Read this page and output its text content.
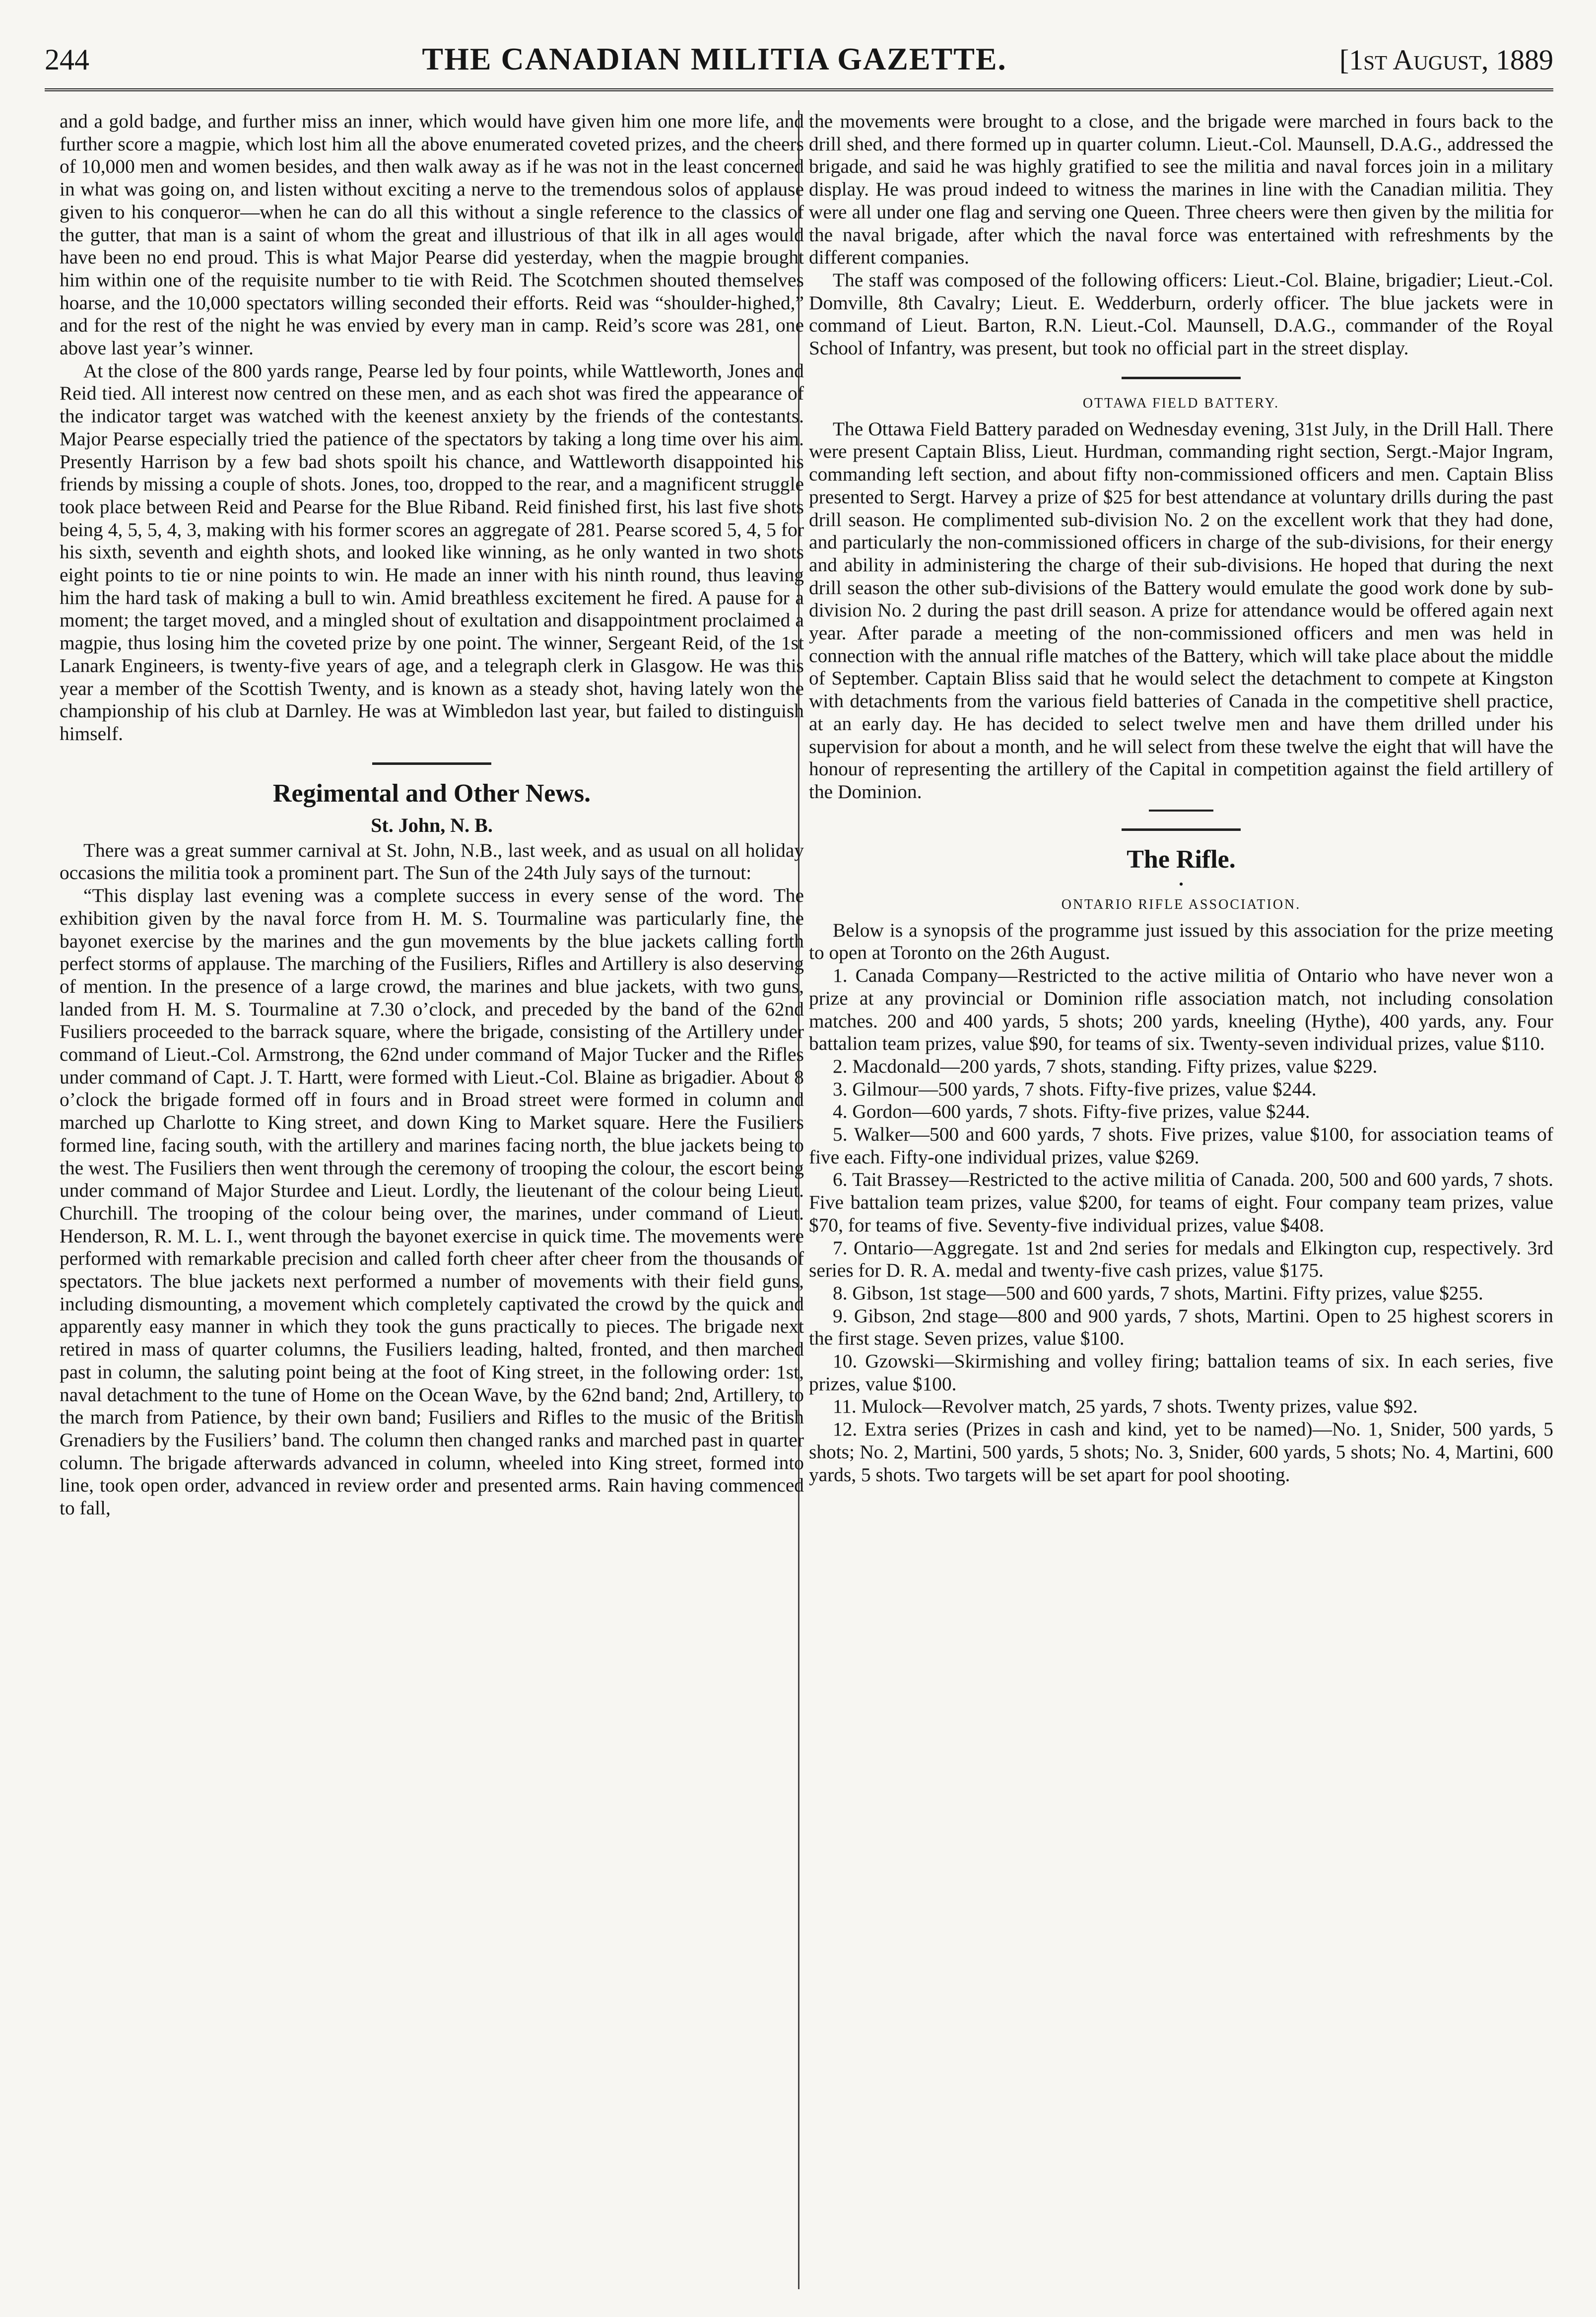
244	THE CANADIAN MILITIA GAZETTE.	[1st August, 1889

and a gold badge, and further miss an inner, which would have given him one more life, and further score a magpie, which lost him all the above enumerated coveted prizes, and the cheers of 10,000 men and women besides, and then walk away as if he was not in the least concerned in what was going on, and listen without exciting a nerve to the tremendous solos of applause given to his conqueror—when he can do all this without a single reference to the classics of the gutter, that man is a saint of whom the great and illustrious of that ilk in all ages would have been no end proud. This is what Major Pearse did yesterday, when the magpie brought him within one of the requisite number to tie with Reid. The Scotchmen shouted themselves hoarse, and the 10,000 spectators willing seconded their efforts. Reid was “shoulder-highed,” and for the rest of the night he was envied by every man in camp. Reid’s score was 281, one above last year’s winner.

At the close of the 800 yards range, Pearse led by four points, while Wattleworth, Jones and Reid tied. All interest now centred on these men, and as each shot was fired the appearance of the indicator target was watched with the keenest anxiety by the friends of the contestants. Major Pearse especially tried the patience of the spectators by taking a long time over his aim. Presently Harrison by a few bad shots spoilt his chance, and Wattleworth disappointed his friends by missing a couple of shots. Jones, too, dropped to the rear, and a magnificent struggle took place between Reid and Pearse for the Blue Riband. Reid finished first, his last five shots being 4, 5, 5, 4, 3, making with his former scores an aggregate of 281. Pearse scored 5, 4, 5 for his sixth, seventh and eighth shots, and looked like winning, as he only wanted in two shots eight points to tie or nine points to win. He made an inner with his ninth round, thus leaving him the hard task of making a bull to win. Amid breathless excitement he fired. A pause for a moment; the target moved, and a mingled shout of exultation and disappointment proclaimed a magpie, thus losing him the coveted prize by one point. The winner, Sergeant Reid, of the 1st Lanark Engineers, is twenty-five years of age, and a telegraph clerk in Glasgow. He was this year a member of the Scottish Twenty, and is known as a steady shot, having lately won the championship of his club at Darnley. He was at Wimbledon last year, but failed to distinguish himself.

Regimental and Other News.
St. John, N. B.

There was a great summer carnival at St. John, N.B., last week, and as usual on all holiday occasions the militia took a prominent part. The Sun of the 24th July says of the turnout:

“This display last evening was a complete success in every sense of the word. The exhibition given by the naval force from H. M. S. Tourmaline was particularly fine, the bayonet exercise by the marines and the gun movements by the blue jackets calling forth perfect storms of applause. The marching of the Fusiliers, Rifles and Artillery is also deserving of mention. In the presence of a large crowd, the marines and blue jackets, with two guns, landed from H. M. S. Tourmaline at 7.30 o’clock, and preceded by the band of the 62nd Fusiliers proceeded to the barrack square, where the brigade, consisting of the Artillery under command of Lieut.-Col. Armstrong, the 62nd under command of Major Tucker and the Rifles under command of Capt. J. T. Hartt, were formed with Lieut.-Col. Blaine as brigadier. About 8 o’clock the brigade formed off in fours and in Broad street were formed in column and marched up Charlotte to King street, and down King to Market square. Here the Fusiliers formed line, facing south, with the artillery and marines facing north, the blue jackets being to the west. The Fusiliers then went through the ceremony of trooping the colour, the escort being under command of Major Sturdee and Lieut. Lordly, the lieutenant of the colour being Lieut. Churchill. The trooping of the colour being over, the marines, under command of Lieut. Henderson, R. M. L. I., went through the bayonet exercise in quick time. The movements were performed with remarkable precision and called forth cheer after cheer from the thousands of spectators. The blue jackets next performed a number of movements with their field guns, including dismounting, a movement which completely captivated the crowd by the quick and apparently easy manner in which they took the guns practically to pieces. The brigade next retired in mass of quarter columns, the Fusiliers leading, halted, fronted, and then marched past in column, the saluting point being at the foot of King street, in the following order: 1st, naval detachment to the tune of Home on the Ocean Wave, by the 62nd band; 2nd, Artillery, to the march from Patience, by their own band; Fusiliers and Rifles to the music of the British Grenadiers by the Fusiliers’ band. The column then changed ranks and marched past in quarter column. The brigade afterwards advanced in column, wheeled into King street, formed into line, took open order, advanced in review order and presented arms. Rain having commenced to fall,

the movements were brought to a close, and the brigade were marched in fours back to the drill shed, and there formed up in quarter column. Lieut.-Col. Maunsell, D.A.G., addressed the brigade, and said he was highly gratified to see the militia and naval forces join in a military display. He was proud indeed to witness the marines in line with the Canadian militia. They were all under one flag and serving one Queen. Three cheers were then given by the militia for the naval brigade, after which the naval force was entertained with refreshments by the different companies.

The staff was composed of the following officers: Lieut.-Col. Blaine, brigadier; Lieut.-Col. Domville, 8th Cavalry; Lieut. E. Wedderburn, orderly officer. The blue jackets were in command of Lieut. Barton, R.N. Lieut.-Col. Maunsell, D.A.G., commander of the Royal School of Infantry, was present, but took no official part in the street display.

OTTAWA FIELD BATTERY.

The Ottawa Field Battery paraded on Wednesday evening, 31st July, in the Drill Hall. There were present Captain Bliss, Lieut. Hurdman, commanding right section, Sergt.-Major Ingram, commanding left section, and about fifty non-commissioned officers and men. Captain Bliss presented to Sergt. Harvey a prize of $25 for best attendance at voluntary drills during the past drill season. He complimented sub-division No. 2 on the excellent work that they had done, and particularly the non-commissioned officers in charge of the sub-divisions, for their energy and ability in administering the charge of their sub-divisions. He hoped that during the next drill season the other sub-divisions of the Battery would emulate the good work done by sub-division No. 2 during the past drill season. A prize for attendance would be offered again next year. After parade a meeting of the non-commissioned officers and men was held in connection with the annual rifle matches of the Battery, which will take place about the middle of September. Captain Bliss said that he would select the detachment to compete at Kingston with detachments from the various field batteries of Canada in the competitive shell practice, at an early day. He has decided to select twelve men and have them drilled under his supervision for about a month, and he will select from these twelve the eight that will have the honour of representing the artillery of the Capital in competition against the field artillery of the Dominion.

The Rifle.
•
ONTARIO RIFLE ASSOCIATION.

Below is a synopsis of the programme just issued by this association for the prize meeting to open at Toronto on the 26th August.

1. Canada Company—Restricted to the active militia of Ontario who have never won a prize at any provincial or Dominion rifle association match, not including consolation matches. 200 and 400 yards, 5 shots; 200 yards, kneeling (Hythe), 400 yards, any. Four battalion team prizes, value $90, for teams of six. Twenty-seven individual prizes, value $110.

2. Macdonald—200 yards, 7 shots, standing. Fifty prizes, value $229.

3. Gilmour—500 yards, 7 shots. Fifty-five prizes, value $244.

4. Gordon—600 yards, 7 shots. Fifty-five prizes, value $244.

5. Walker—500 and 600 yards, 7 shots. Five prizes, value $100, for association teams of five each. Fifty-one individual prizes, value $269.

6. Tait Brassey—Restricted to the active militia of Canada. 200, 500 and 600 yards, 7 shots. Five battalion team prizes, value $200, for teams of eight. Four company team prizes, value $70, for teams of five. Seventy-five individual prizes, value $408.

7. Ontario—Aggregate. 1st and 2nd series for medals and Elkington cup, respectively. 3rd series for D. R. A. medal and twenty-five cash prizes, value $175.

8. Gibson, 1st stage—500 and 600 yards, 7 shots, Martini. Fifty prizes, value $255.

9. Gibson, 2nd stage—800 and 900 yards, 7 shots, Martini. Open to 25 highest scorers in the first stage. Seven prizes, value $100.

10. Gzowski—Skirmishing and volley firing; battalion teams of six. In each series, five prizes, value $100.

11. Mulock—Revolver match, 25 yards, 7 shots. Twenty prizes, value $92.

12. Extra series (Prizes in cash and kind, yet to be named)—No. 1, Snider, 500 yards, 5 shots; No. 2, Martini, 500 yards, 5 shots; No. 3, Snider, 600 yards, 5 shots; No. 4, Martini, 600 yards, 5 shots. Two targets will be set apart for pool shooting.
